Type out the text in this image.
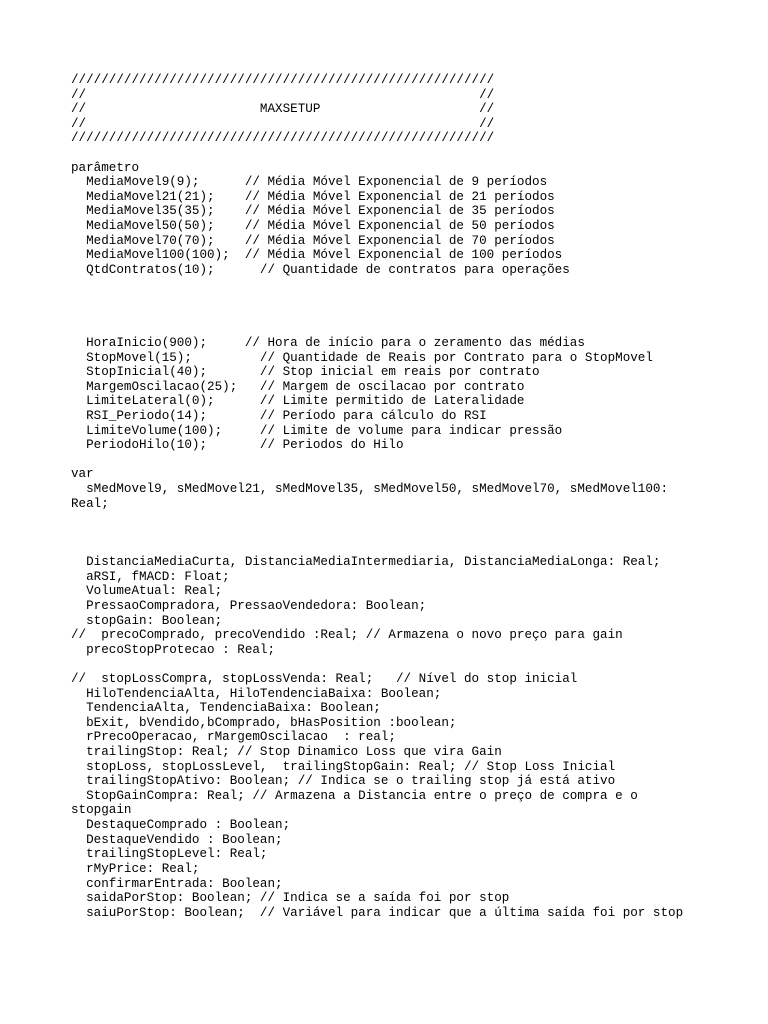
////////////////////////////////////////////////////////
//                                                    //
//                       MAXSETUP                     //
//                                                    //
////////////////////////////////////////////////////////
parâmetro
MediaMovel9(9);      // Média Móvel Exponencial de 9 períodos
MediaMovel21(21);    // Média Móvel Exponencial de 21 períodos
MediaMovel35(35);    // Média Móvel Exponencial de 35 períodos
MediaMovel50(50);    // Média Móvel Exponencial de 50 períodos
MediaMovel70(70);    // Média Móvel Exponencial de 70 períodos
MediaMovel100(100);  // Média Móvel Exponencial de 100 períodos
QtdContratos(10);      // Quantidade de contratos para operações
HoraInicio(900);     // Hora de início para o zeramento das médias
StopMovel(15);         // Quantidade de Reais por Contrato para o StopMovel
StopInicial(40);       // Stop inicial em reais por contrato
MargemOscilacao(25);   // Margem de oscilacao por contrato
LimiteLateral(0);      // Limite permitido de Lateralidade
RSI_Periodo(14);       // Período para cálculo do RSI
LimiteVolume(100);     // Limite de volume para indicar pressão
PeriodoHilo(10);       // Periodos do Hilo
var
sMedMovel9, sMedMovel21, sMedMovel35, sMedMovel50, sMedMovel70, sMedMovel100:
Real;
DistanciaMediaCurta, DistanciaMediaIntermediaria, DistanciaMediaLonga: Real;
aRSI, fMACD: Float;
VolumeAtual: Real;
PressaoCompradora, PressaoVendedora: Boolean;
stopGain: Boolean;
//  precoComprado, precoVendido :Real; // Armazena o novo preço para gain
precoStopProtecao : Real;
//  stopLossCompra, stopLossVenda: Real;   // Nível do stop inicial
HiloTendenciaAlta, HiloTendenciaBaixa: Boolean;
TendenciaAlta, TendenciaBaixa: Boolean;
bExit, bVendido,bComprado, bHasPosition :boolean;
rPrecoOperacao, rMargemOscilacao  : real;
trailingStop: Real; // Stop Dinamico Loss que vira Gain
stopLoss, stopLossLevel,  trailingStopGain: Real; // Stop Loss Inicial
trailingStopAtivo: Boolean; // Indica se o trailing stop já está ativo
StopGainCompra: Real; // Armazena a Distancia entre o preço de compra e o
stopgain
DestaqueComprado : Boolean;
DestaqueVendido : Boolean;
trailingStopLevel: Real;
rMyPrice: Real;
confirmarEntrada: Boolean;
saidaPorStop: Boolean; // Indica se a saída foi por stop
saiuPorStop: Boolean;  // Variável para indicar que a última saída foi por stop
